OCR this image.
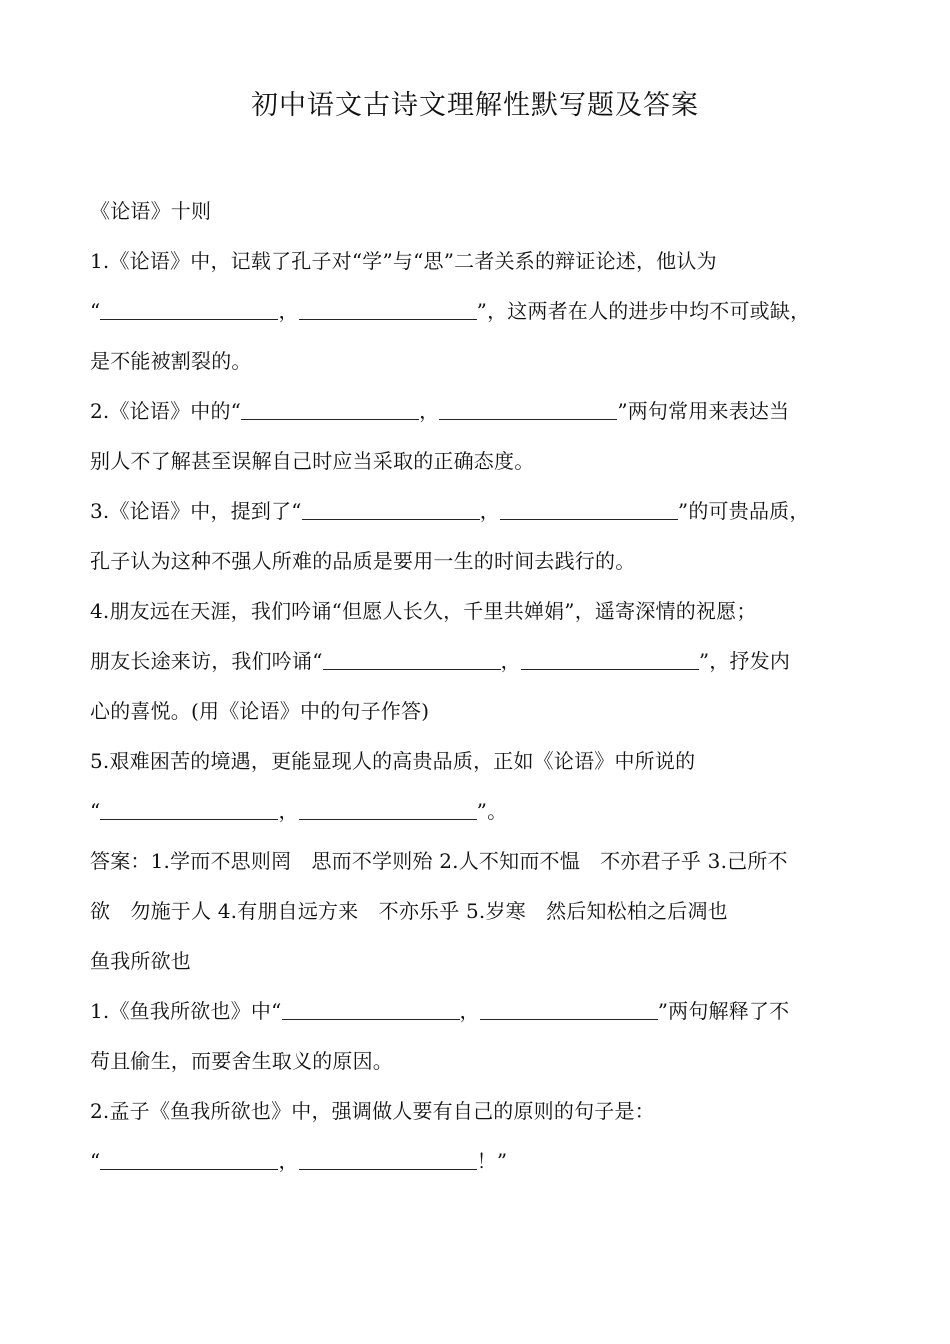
初中语文古诗文理解性默写题及答案
《论语》十则
1.《论语》中，记载了孔子对“学”与“思”二者关系的辩证论述，他认为
“	，	”，这两者在人的进步中均不可或缺，
是不能被割裂的。
2.《论语》中的“	，	”两句常用来表达当
别人不了解甚至误解自己时应当采取的正确态度。
3.《论语》中，提到了“	，	”的可贵品质，
孔子认为这种不强人所难的品质是要用一生的时间去践行的。
4.朋友远在天涯，我们吟诵“但愿人长久，千里共婵娟”，遥寄深情的祝愿；
朋友长途来访，我们吟诵“	，	”，抒发内
心的喜悦。(用《论语》中的句子作答)
5.艰难困苦的境遇，更能显现人的高贵品质，正如《论语》中所说的
“	，	”。
答案：1.学而不思则罔　思而不学则殆 2.人不知而不愠　不亦君子乎 3.己所不
欲　勿施于人 4.有朋自远方来　不亦乐乎 5.岁寒　然后知松柏之后凋也
鱼我所欲也
1.《鱼我所欲也》中“	，	”两句解释了不
苟且偷生，而要舍生取义的原因。
2.孟子《鱼我所欲也》中，强调做人要有自己的原则的句子是：
“	，	！”
